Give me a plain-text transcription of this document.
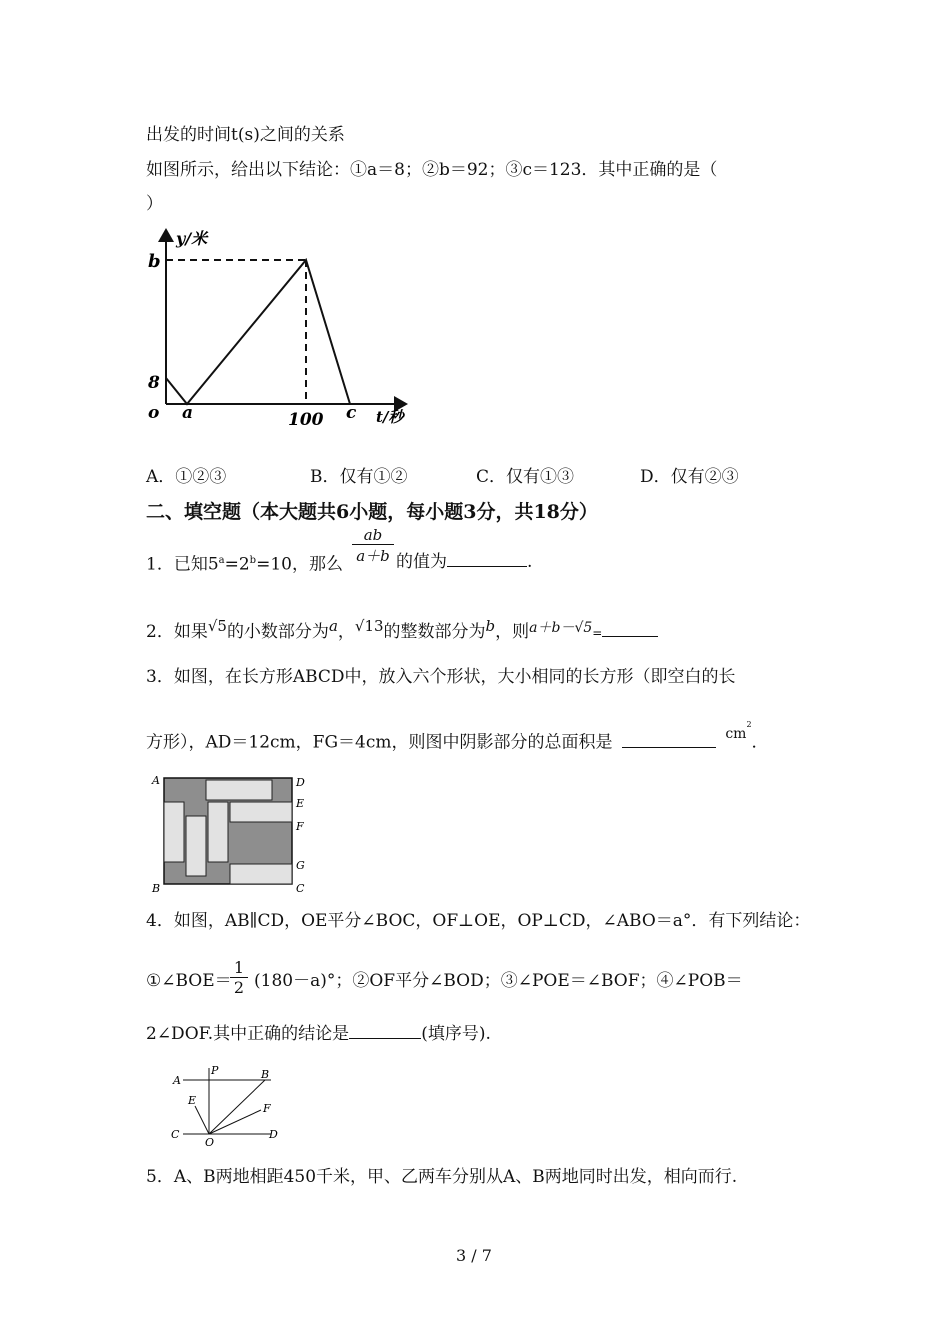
出发的时间t(s)之间的关系
如图所示，给出以下结论：①a＝8；②b＝92；③c＝123．其中正确的是（
）
y/米
b
8
o a	100 c t/秒
A．①②③	B．仅有①②	C．仅有①③	D．仅有②③
二、填空题（本大题共6小题，每小题3分，共18分）
1．已知$5^a=2^b=10$，那么 $\frac{ab}{a+b}$ 的值为	.
2．如果√5的小数部分为a，√13的整数部分为b，则$^{a+b-√5}$=
3．如图，在长方形ABCD中，放入六个形状，大小相同的长方形（即空白的长
方形），AD＝12cm，FG＝4cm，则图中阴影部分的总面积是	$^{cm2}$．
A	D
E
F
G
B	C
4．如图，AB∥CD，OE平分∠BOC，OF⊥OE，OP⊥CD，∠ABO＝a°．有下列结论：
①∠BOE＝
$\frac{1}{2} (180-a)^\circ$；②OF平分∠BOD；③∠POE＝∠BOF；④∠POB＝
2∠DOF.其中正确的结论是	(填序号).
A
P	B
E
F
C
O
D
5．A、B两地相距450千米，甲、乙两车分别从A、B两地同时出发，相向而行.
3 / 7
